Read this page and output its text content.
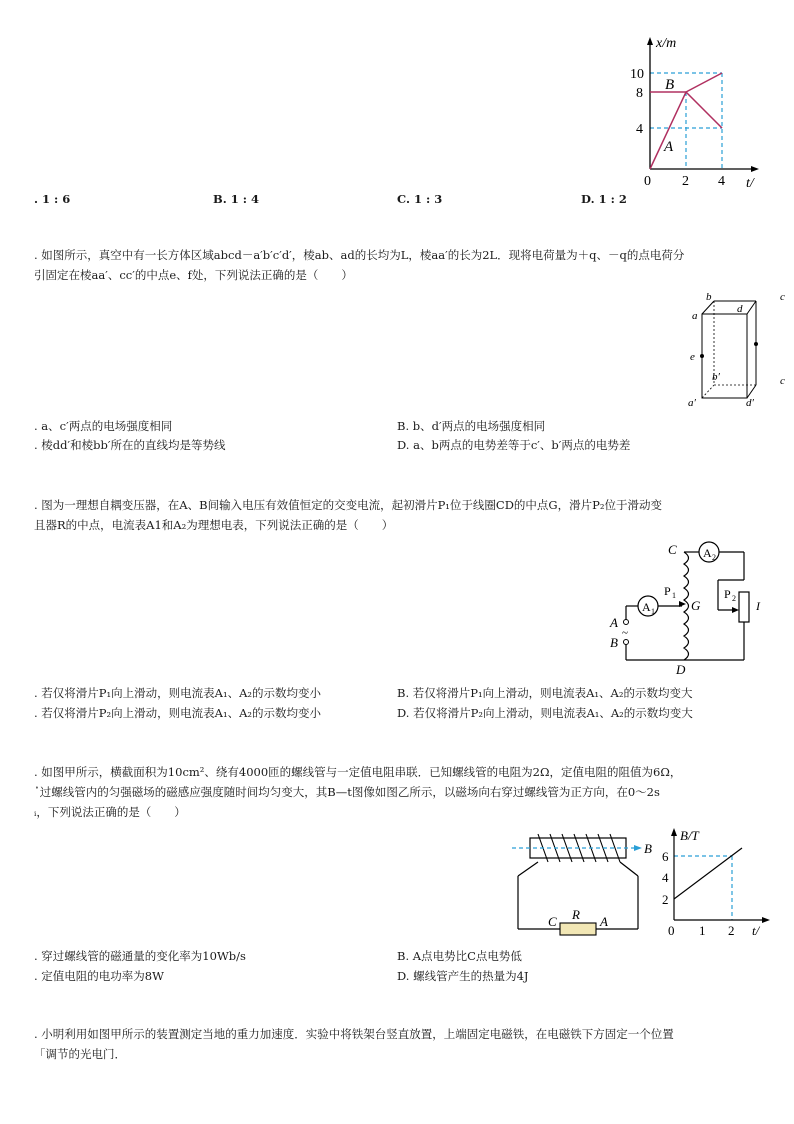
x/m
t/
10
8
4
0 2 4
B
A
. 1 : 6	B. 1 : 4	C. 1 : 3	D. 1 : 2
. 如图所示，真空中有一长方体区域abcd－a′b′c′d′，棱ab、ad的长均为L，棱aa′的长为2L．现将电荷量为＋q、－q的点电荷分
引固定在棱aa′、cc′的中点e、f处，下列说法正确的是（　　）
b	c
a
d
e
b′	c
a′	d′
. a、c′两点的电场强度相同	B. b、d′两点的电场强度相同
. 棱dd′和棱bb′所在的直线均是等势线	D. a、b两点的电势差等于c′、b′两点的电势差
. 图为一理想自耦变压器，在A、B间输入电压有效值恒定的交变电流，起初滑片P₁位于线圈CD的中点G，滑片P₂位于滑动变
且器R的中点，电流表A1和A₂为理想电表，下列说法正确的是（　　）
A 2
P 2
I
A 1
P 1
C
G
D
A
~
B
. 若仅将滑片P₁向上滑动，则电流表A₁、A₂的示数均变小	B. 若仅将滑片P₁向上滑动，则电流表A₁、A₂的示数均变大
. 若仅将滑片P₂向上滑动，则电流表A₁、A₂的示数均变小	D. 若仅将滑片P₂向上滑动，则电流表A₁、A₂的示数均变大
. 如图甲所示，横截面积为10cm²、绕有4000匝的螺线管与一定值电阻串联．已知螺线管的电阻为2Ω，定值电阻的阻值为6Ω，
᾿过螺线管内的匀强磁场的磁感应强度随时间均匀变大，其B—t图像如图乙所示，以磁场向右穿过螺线管为正方向，在0～2s
ᵢ，下列说法正确的是（　　）
B
C R A
B/T
6
4
2
0 1 2 t/
. 穿过螺线管的磁通量的变化率为10Wb/s	B. A点电势比C点电势低
. 定值电阻的电功率为8W	D. 螺线管产生的热量为4J
. 小明利用如图甲所示的装置测定当地的重力加速度．实验中将铁架台竖直放置，上端固定电磁铁，在电磁铁下方固定一个位置
「调节的光电门．
